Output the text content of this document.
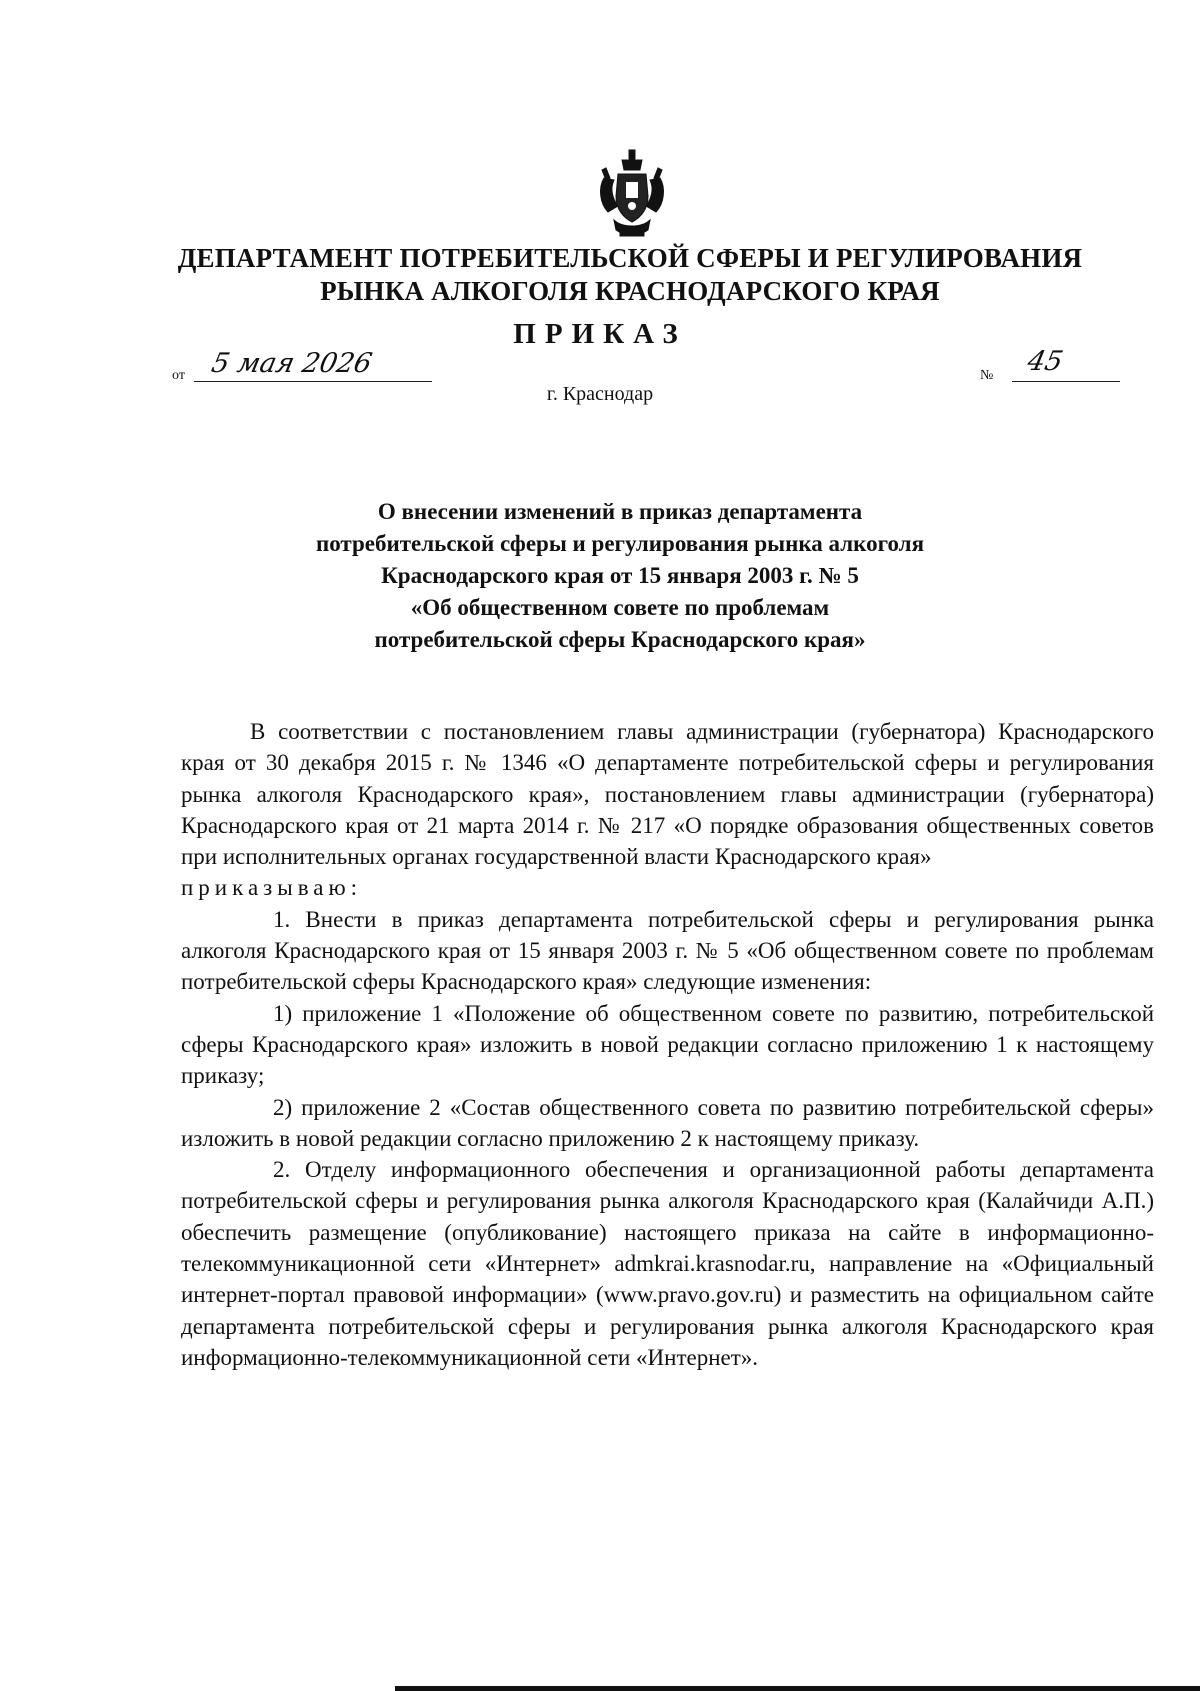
ДЕПАРТАМЕНТ ПОТРЕБИТЕЛЬСКОЙ СФЕРЫ И РЕГУЛИРОВАНИЯ
РЫНКА АЛКОГОЛЯ КРАСНОДАРСКОГО КРАЯ
ПРИКАЗ
от 5 мая 2026	№ 45
г. Краснодар
О внесении изменений в приказ департамента
потребительской сферы и регулирования рынка алкоголя
Краснодарского края от 15 января 2003 г. № 5
«Об общественном совете по проблемам
потребительской сферы Краснодарского края»

В соответствии с постановлением главы администрации (губернатора) Краснодарского края от 30 декабря 2015 г. № 1346 «О департаменте потребительской сферы и регулирования рынка алкоголя Краснодарского края», постановлением главы администрации (губернатора) Краснодарского края от 21 марта 2014 г. № 217 «О порядке образования общественных советов при исполнительных органах государственной власти Краснодарского края»

приказываю:

1. Внести в приказ департамента потребительской сферы и регулирования рынка алкоголя Краснодарского края от 15 января 2003 г. № 5 «Об общественном совете по проблемам потребительской сферы Краснодарского края» следующие изменения:

1) приложение 1 «Положение об общественном совете по развитию, потребительской сферы Краснодарского края» изложить в новой редакции согласно приложению 1 к настоящему приказу;

2) приложение 2 «Состав общественного совета по развитию потребительской сферы» изложить в новой редакции согласно приложению 2 к настоящему приказу.

2. Отделу информационного обеспечения и организационной работы департамента потребительской сферы и регулирования рынка алкоголя Краснодарского края (Калайчиди А.П.) обеспечить размещение (опубликование) настоящего приказа на сайте в информационно-телекоммуникационной сети «Интернет» admkrai.krasnodar.ru, направление на «Официальный интернет-портал правовой информации» (www.pravo.gov.ru) и разместить на официальном сайте департамента потребительской сферы и регулирования рынка алкоголя Краснодарского края информационно-телекоммуникационной сети «Интернет».
